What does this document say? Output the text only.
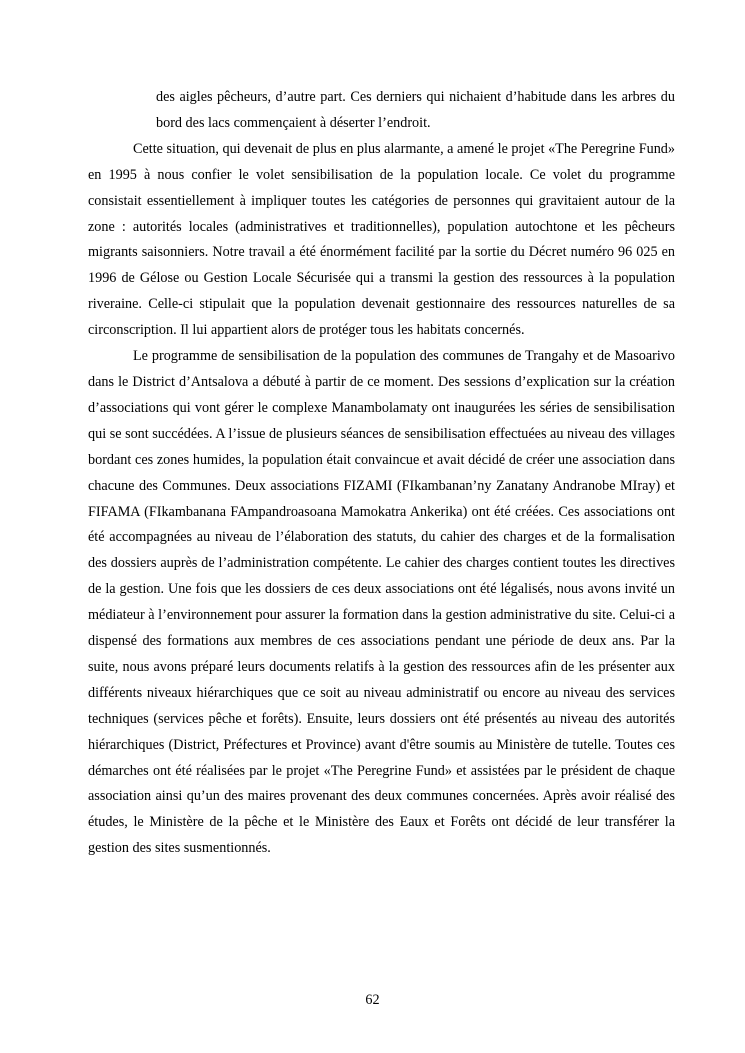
des aigles pêcheurs, d’autre part. Ces derniers qui nichaient d’habitude dans les arbres du bord des lacs commençaient à déserter l’endroit.

Cette situation, qui devenait de plus en plus alarmante, a amené le projet «The Peregrine Fund» en 1995 à nous confier le volet sensibilisation de la population locale. Ce volet du programme consistait essentiellement à impliquer toutes les catégories de personnes qui gravitaient autour de la zone : autorités locales (administratives et traditionnelles), population autochtone et les pêcheurs migrants saisonniers. Notre travail a été énormément facilité par la sortie du Décret numéro 96 025 en 1996 de Gélose ou Gestion Locale Sécurisée qui a transmi la gestion des ressources à la population riveraine. Celle-ci stipulait que la population devenait gestionnaire des ressources naturelles de sa circonscription. Il lui appartient alors de protéger tous les habitats concernés.

Le programme de sensibilisation de la population des communes de Trangahy et de Masoarivo dans le District d’Antsalova a débuté à partir de ce moment. Des sessions d’explication sur la création d’associations qui vont gérer le complexe Manambolamaty ont inaugurées les séries de sensibilisation qui se sont succédées. A l’issue de plusieurs séances de sensibilisation effectuées au niveau des villages bordant ces zones humides, la population était convaincue et avait décidé de créer une association dans chacune des Communes. Deux associations FIZAMI (FIkambanan’ny Zanatany Andranobe MIray) et FIFAMA (FIkambanana FAmpandroasoana Mamokatra Ankerika) ont été créées. Ces associations ont été accompagnées au niveau de l’élaboration des statuts, du cahier des charges et de la formalisation des dossiers auprès de l’administration compétente. Le cahier des charges contient toutes les directives de la gestion. Une fois que les dossiers de ces deux associations ont été légalisés, nous avons invité un médiateur à l’environnement pour assurer la formation dans la gestion administrative du site. Celui-ci a dispensé des formations aux membres de ces associations pendant une période de deux ans. Par la suite, nous avons préparé leurs documents relatifs à la gestion des ressources afin de les présenter aux différents niveaux hiérarchiques que ce soit au niveau administratif ou encore au niveau des services techniques (services pêche et forêts). Ensuite, leurs dossiers ont été présentés au niveau des autorités hiérarchiques (District, Préfectures et Province) avant d'être soumis au Ministère de tutelle. Toutes ces démarches ont été réalisées par le projet «The Peregrine Fund» et assistées par le président de chaque association ainsi qu’un des maires provenant des deux communes concernées. Après avoir réalisé des études, le Ministère de la pêche et le Ministère des Eaux et Forêts ont décidé de leur transférer la gestion des sites susmentionnés.

62
